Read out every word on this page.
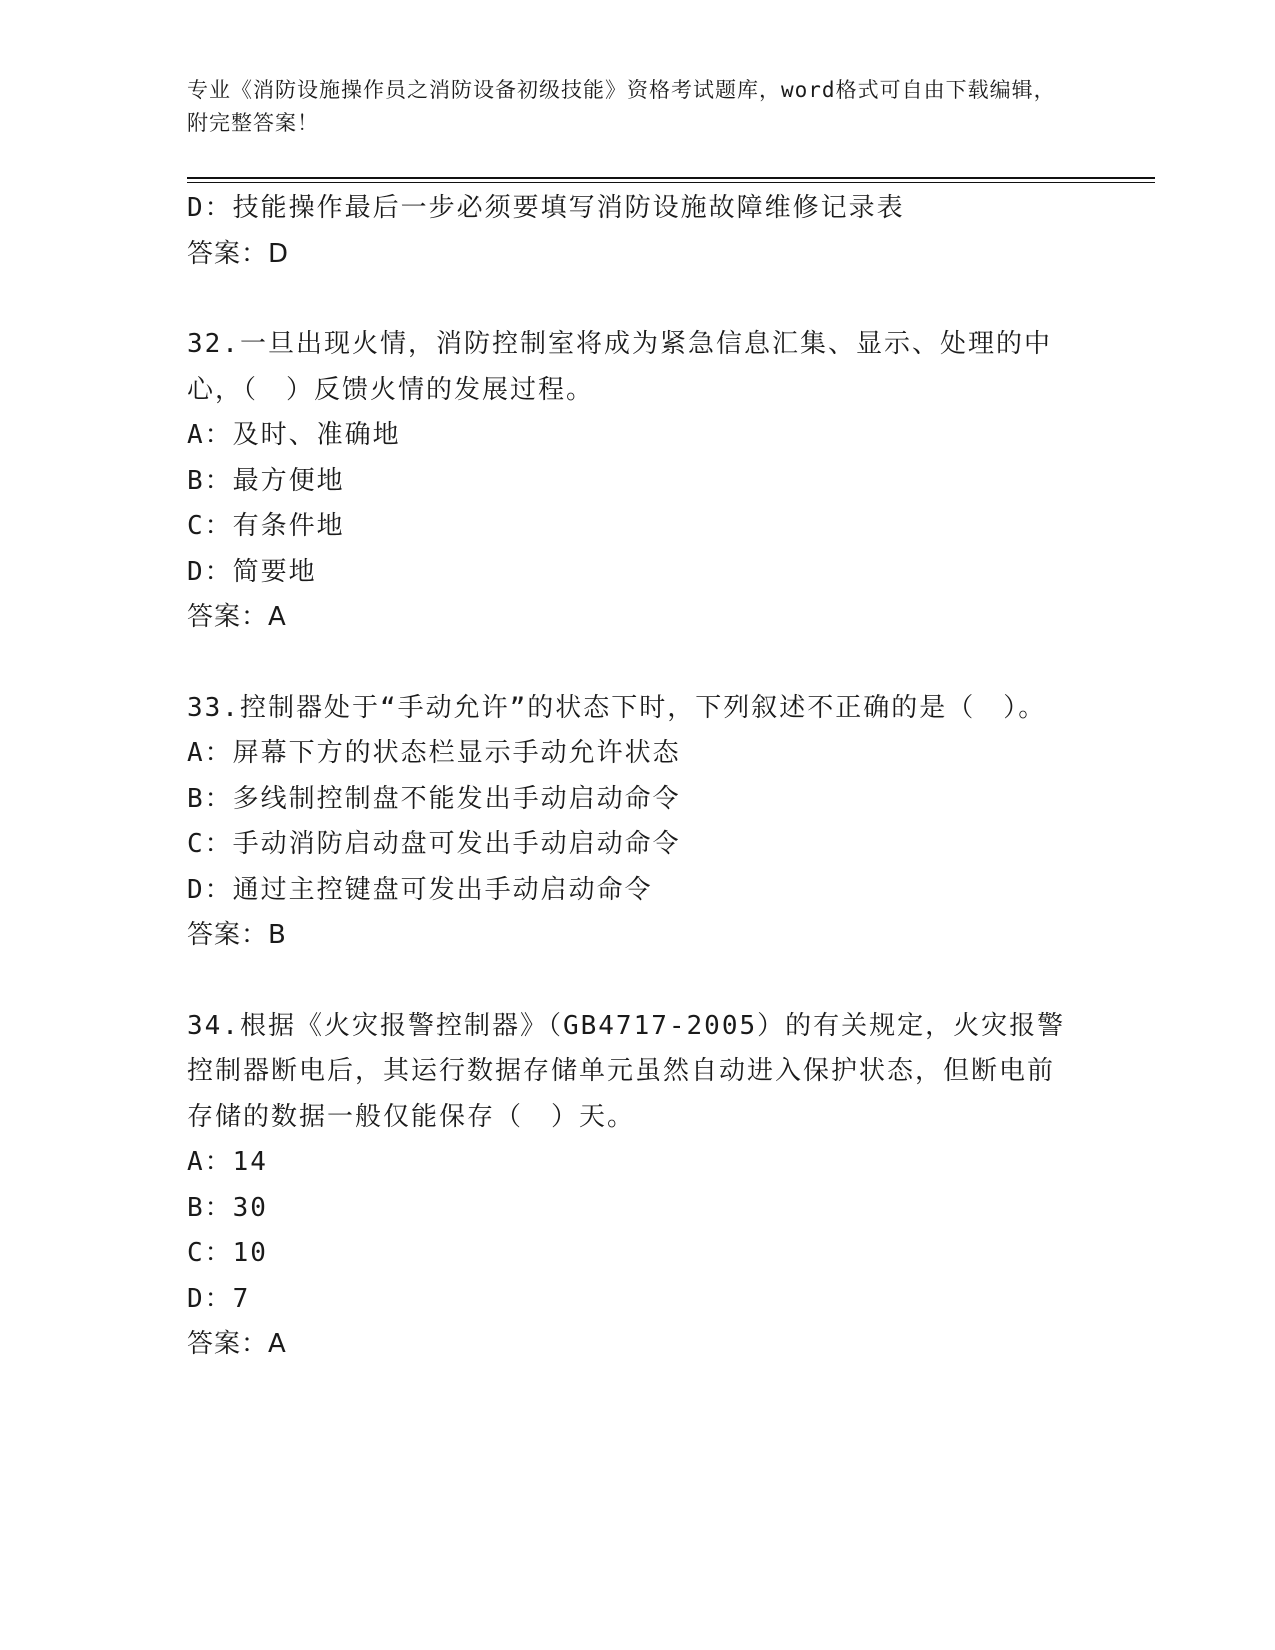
专业《消防设施操作员之消防设备初级技能》资格考试题库，word格式可自由下载编辑，附完整答案！
D：技能操作最后一步必须要填写消防设施故障维修记录表
答案：D
32.一旦出现火情，消防控制室将成为紧急信息汇集、显示、处理的中心，（　）反馈火情的发展过程。
A：及时、准确地
B：最方便地
C：有条件地
D：简要地
答案：A
33.控制器处于“手动允许”的状态下时，下列叙述不正确的是（　）。
A：屏幕下方的状态栏显示手动允许状态
B：多线制控制盘不能发出手动启动命令
C：手动消防启动盘可发出手动启动命令
D：通过主控键盘可发出手动启动命令
答案：B
34.根据《火灾报警控制器》（GB4717-2005）的有关规定，火灾报警控制器断电后，其运行数据存储单元虽然自动进入保护状态，但断电前存储的数据一般仅能保存（　）天。
A：14
B：30
C：10
D：7
答案：A
